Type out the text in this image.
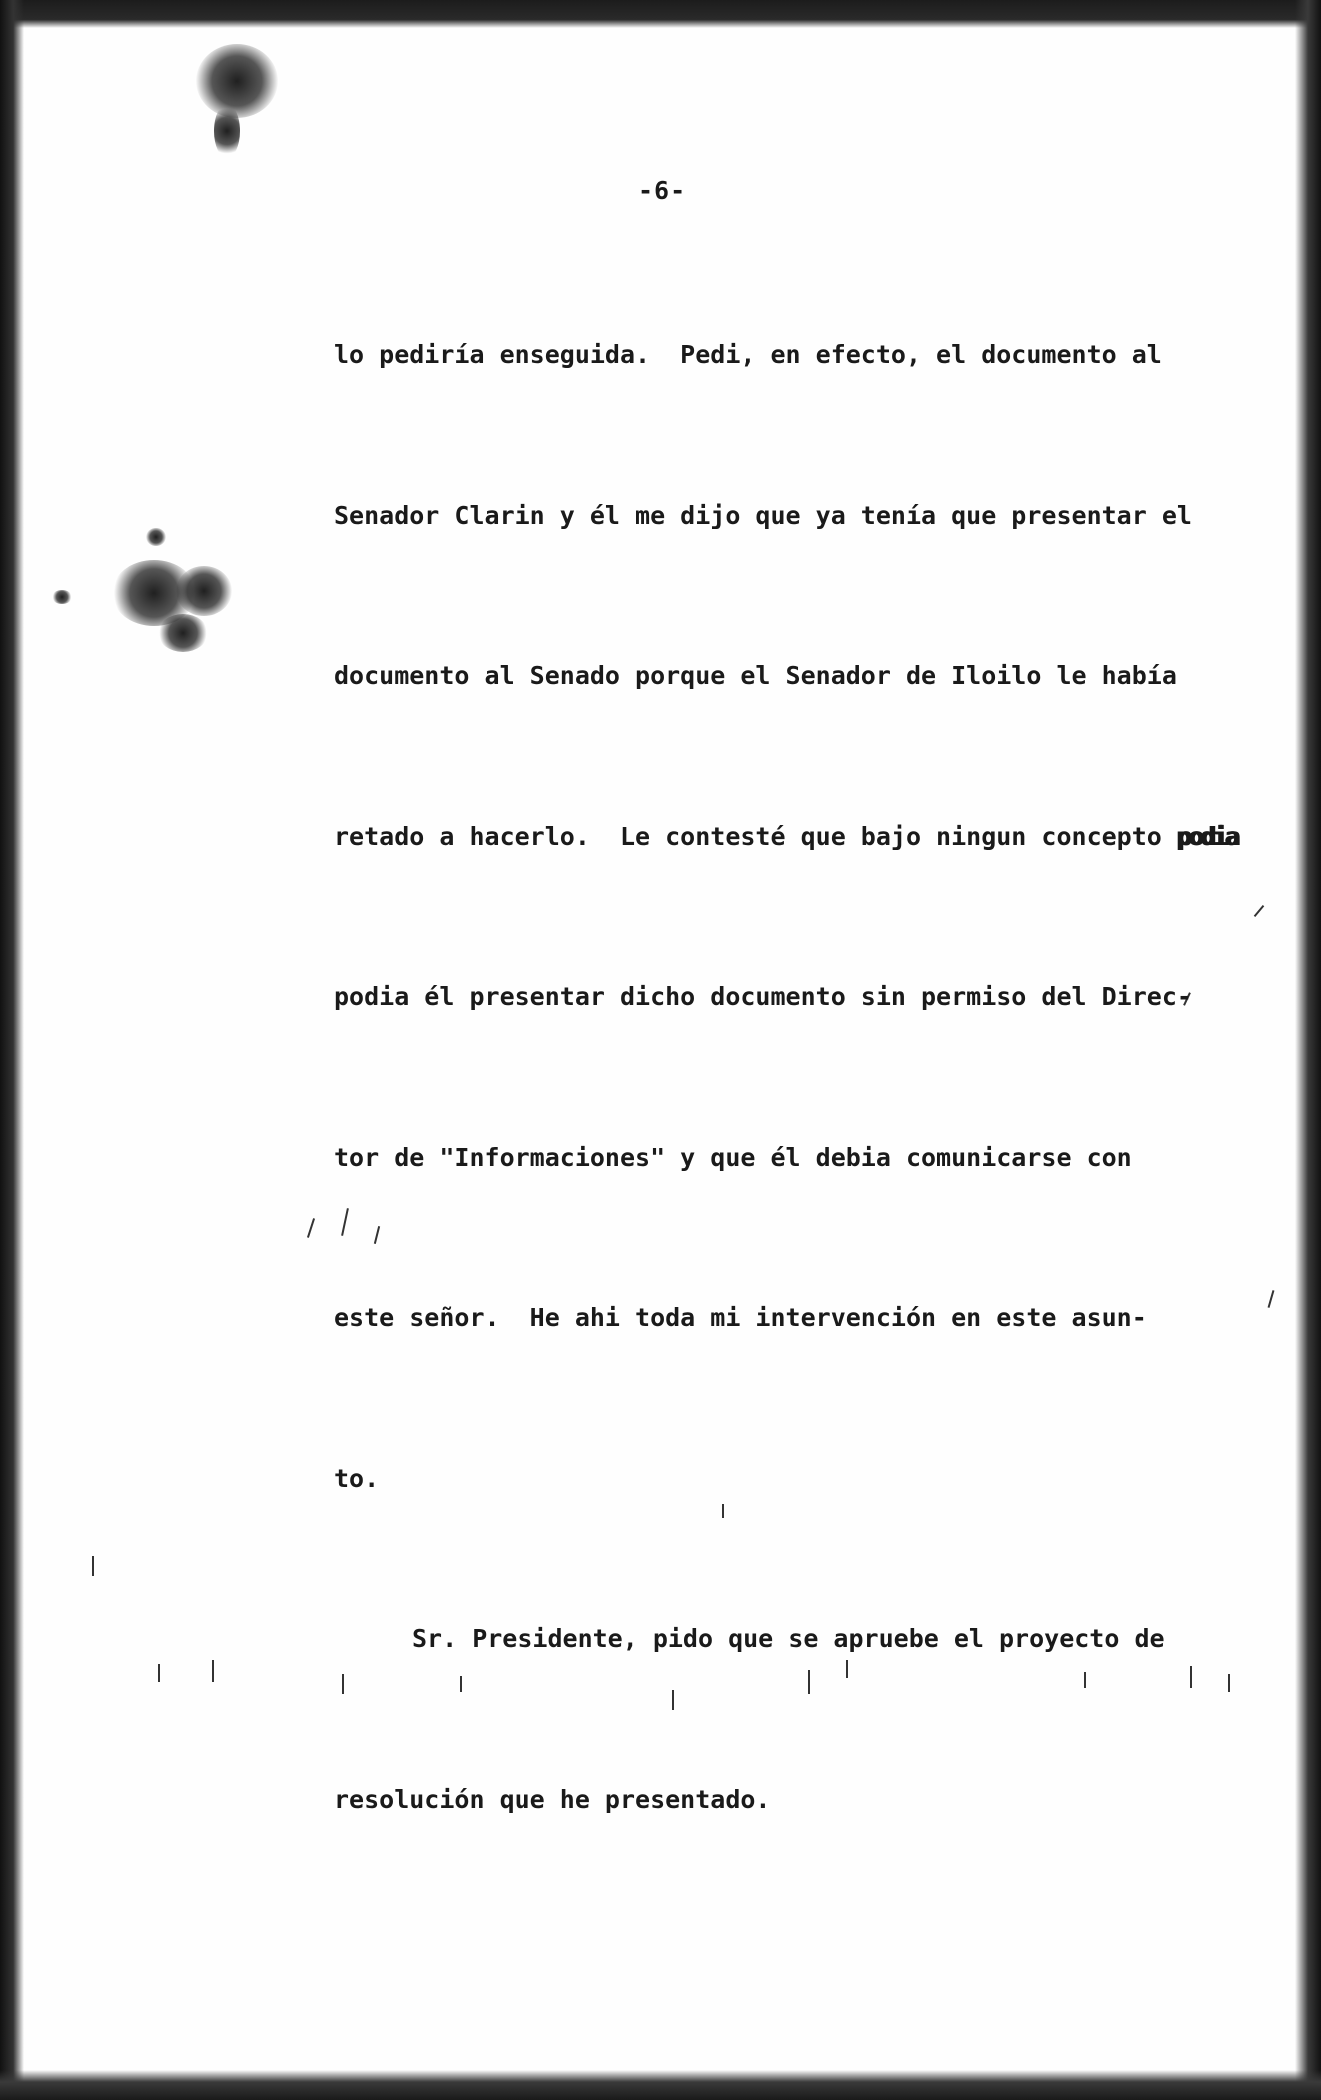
-6-

lo pediría enseguida.  Pedi, en efecto, el documento al

Senador Clarin y él me dijo que ya tenía que presentar el

documento al Senado porque el Senador de Iloilo le había

retado a hacerlo.  Le contesté que bajo ningun concepto podia

podia él presentar dicho documento sin permiso del Direc-

tor de "Informaciones" y que él debia comunicarse con

este señor.  He ahi toda mi intervención en este asun-

to.

Sr. Presidente, pido que se apruebe el proyecto de

resolución que he presentado.
